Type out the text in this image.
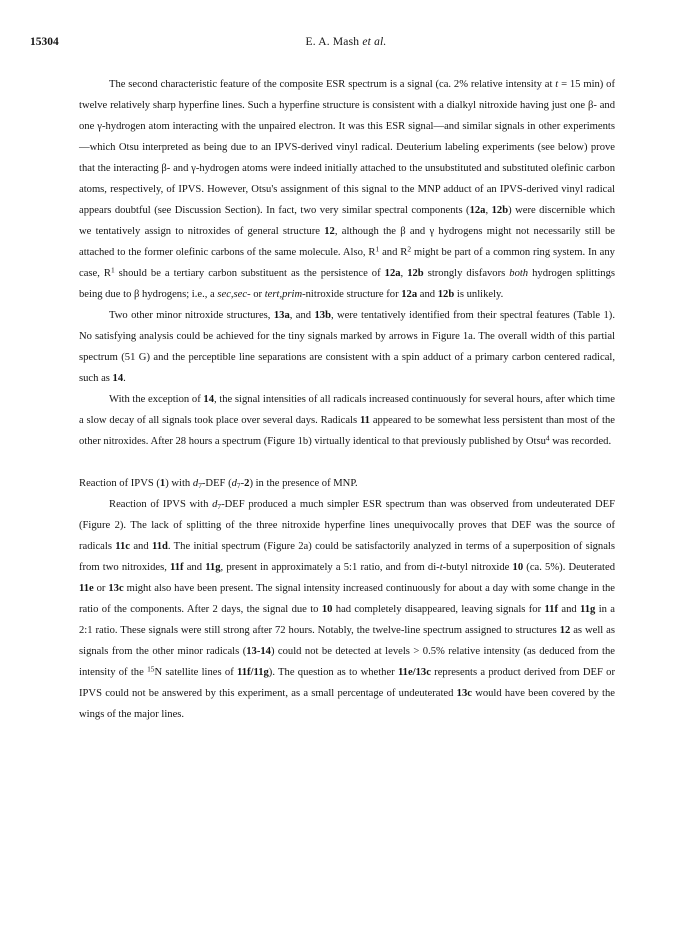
15304	E. A. Mash et al.

The second characteristic feature of the composite ESR spectrum is a signal (ca. 2% relative intensity at t = 15 min) of twelve relatively sharp hyperfine lines. Such a hyperfine structure is consistent with a dialkyl nitroxide having just one β- and one γ-hydrogen atom interacting with the unpaired electron. It was this ESR signal—and similar signals in other experiments—which Otsu interpreted as being due to an IPVS-derived vinyl radical. Deuterium labeling experiments (see below) prove that the interacting β- and γ-hydrogen atoms were indeed initially attached to the unsubstituted and substituted olefinic carbon atoms, respectively, of IPVS. However, Otsu's assignment of this signal to the MNP adduct of an IPVS-derived vinyl radical appears doubtful (see Discussion Section). In fact, two very similar spectral components (12a, 12b) were discernible which we tentatively assign to nitroxides of general structure 12, although the β and γ hydrogens might not necessarily still be attached to the former olefinic carbons of the same molecule. Also, $R^1$ and $R^2$ might be part of a common ring system. In any case, $R^1$ should be a tertiary carbon substituent as the persistence of 12a, 12b strongly disfavors both hydrogen splittings being due to β hydrogens; i.e., a sec,sec- or tert,prim-nitroxide structure for 12a and 12b is unlikely.

Two other minor nitroxide structures, 13a, and 13b, were tentatively identified from their spectral features (Table 1). No satisfying analysis could be achieved for the tiny signals marked by arrows in Figure 1a. The overall width of this partial spectrum (51 G) and the perceptible line separations are consistent with a spin adduct of a primary carbon centered radical, such as 14.

With the exception of 14, the signal intensities of all radicals increased continuously for several hours, after which time a slow decay of all signals took place over several days. Radicals 11 appeared to be somewhat less persistent than most of the other nitroxides. After 28 hours a spectrum (Figure 1b) virtually identical to that previously published by Otsu$^4$ was recorded.

Reaction of IPVS (1) with $d_7$-DEF $(d_7-2)$ in the presence of MNP.

Reaction of IPVS with $d_7$-DEF produced a much simpler ESR spectrum than was observed from undeuterated DEF (Figure 2). The lack of splitting of the three nitroxide hyperfine lines unequivocally proves that DEF was the source of radicals 11c and 11d. The initial spectrum (Figure 2a) could be satisfactorily analyzed in terms of a superposition of signals from two nitroxides, 11f and 11g, present in approximately a 5:1 ratio, and from di-t-butyl nitroxide 10 (ca. 5%). Deuterated 11e or 13c might also have been present. The signal intensity increased continuously for about a day with some change in the ratio of the components. After 2 days, the signal due to 10 had completely disappeared, leaving signals for 11f and 11g in a 2:1 ratio. These signals were still strong after 72 hours. Notably, the twelve-line spectrum assigned to structures 12 as well as signals from the other minor radicals (13-14) could not be detected at levels > 0.5% relative intensity (as deduced from the intensity of the $^{15}$N satellite lines of 11f/11g). The question as to whether 11e/13c represents a product derived from DEF or IPVS could not be answered by this experiment, as a small percentage of undeuterated 13c would have been covered by the wings of the major lines.
